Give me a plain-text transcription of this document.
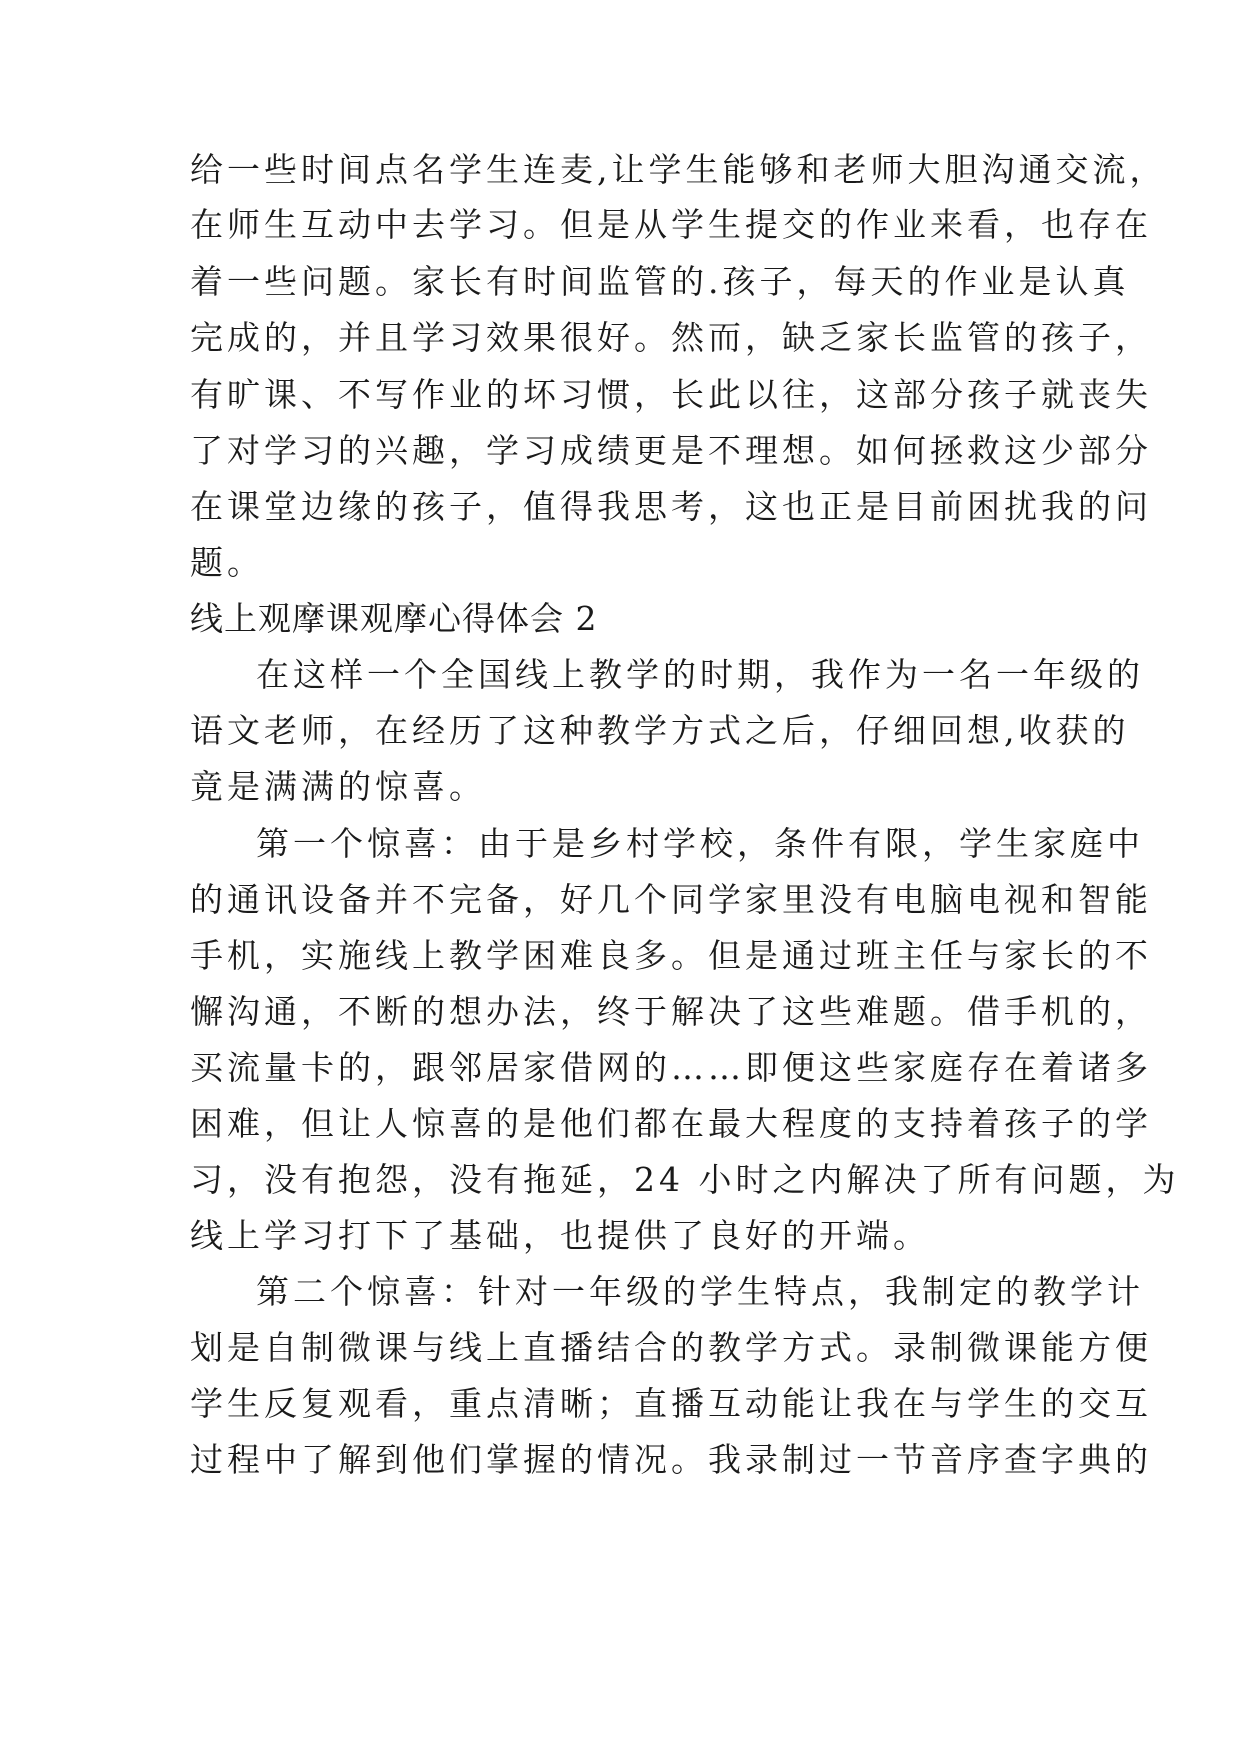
给一些时间点名学生连麦,让学生能够和老师大胆沟通交流，
在师生互动中去学习。但是从学生提交的作业来看，也存在
着一些问题。家长有时间监管的.孩子，每天的作业是认真
完成的，并且学习效果很好。然而，缺乏家长监管的孩子，
有旷课、不写作业的坏习惯，长此以往，这部分孩子就丧失
了对学习的兴趣，学习成绩更是不理想。如何拯救这少部分
在课堂边缘的孩子，值得我思考，这也正是目前困扰我的问
题。
线上观摩课观摩心得体会 2
在这样一个全国线上教学的时期，我作为一名一年级的
语文老师，在经历了这种教学方式之后，仔细回想,收获的
竟是满满的惊喜。
第一个惊喜：由于是乡村学校，条件有限，学生家庭中
的通讯设备并不完备，好几个同学家里没有电脑电视和智能
手机，实施线上教学困难良多。但是通过班主任与家长的不
懈沟通，不断的想办法，终于解决了这些难题。借手机的，
买流量卡的，跟邻居家借网的……即便这些家庭存在着诸多
困难，但让人惊喜的是他们都在最大程度的支持着孩子的学
习，没有抱怨，没有拖延，24 小时之内解决了所有问题，为
线上学习打下了基础，也提供了良好的开端。
第二个惊喜：针对一年级的学生特点，我制定的教学计
划是自制微课与线上直播结合的教学方式。录制微课能方便
学生反复观看，重点清晰；直播互动能让我在与学生的交互
过程中了解到他们掌握的情况。我录制过一节音序查字典的
